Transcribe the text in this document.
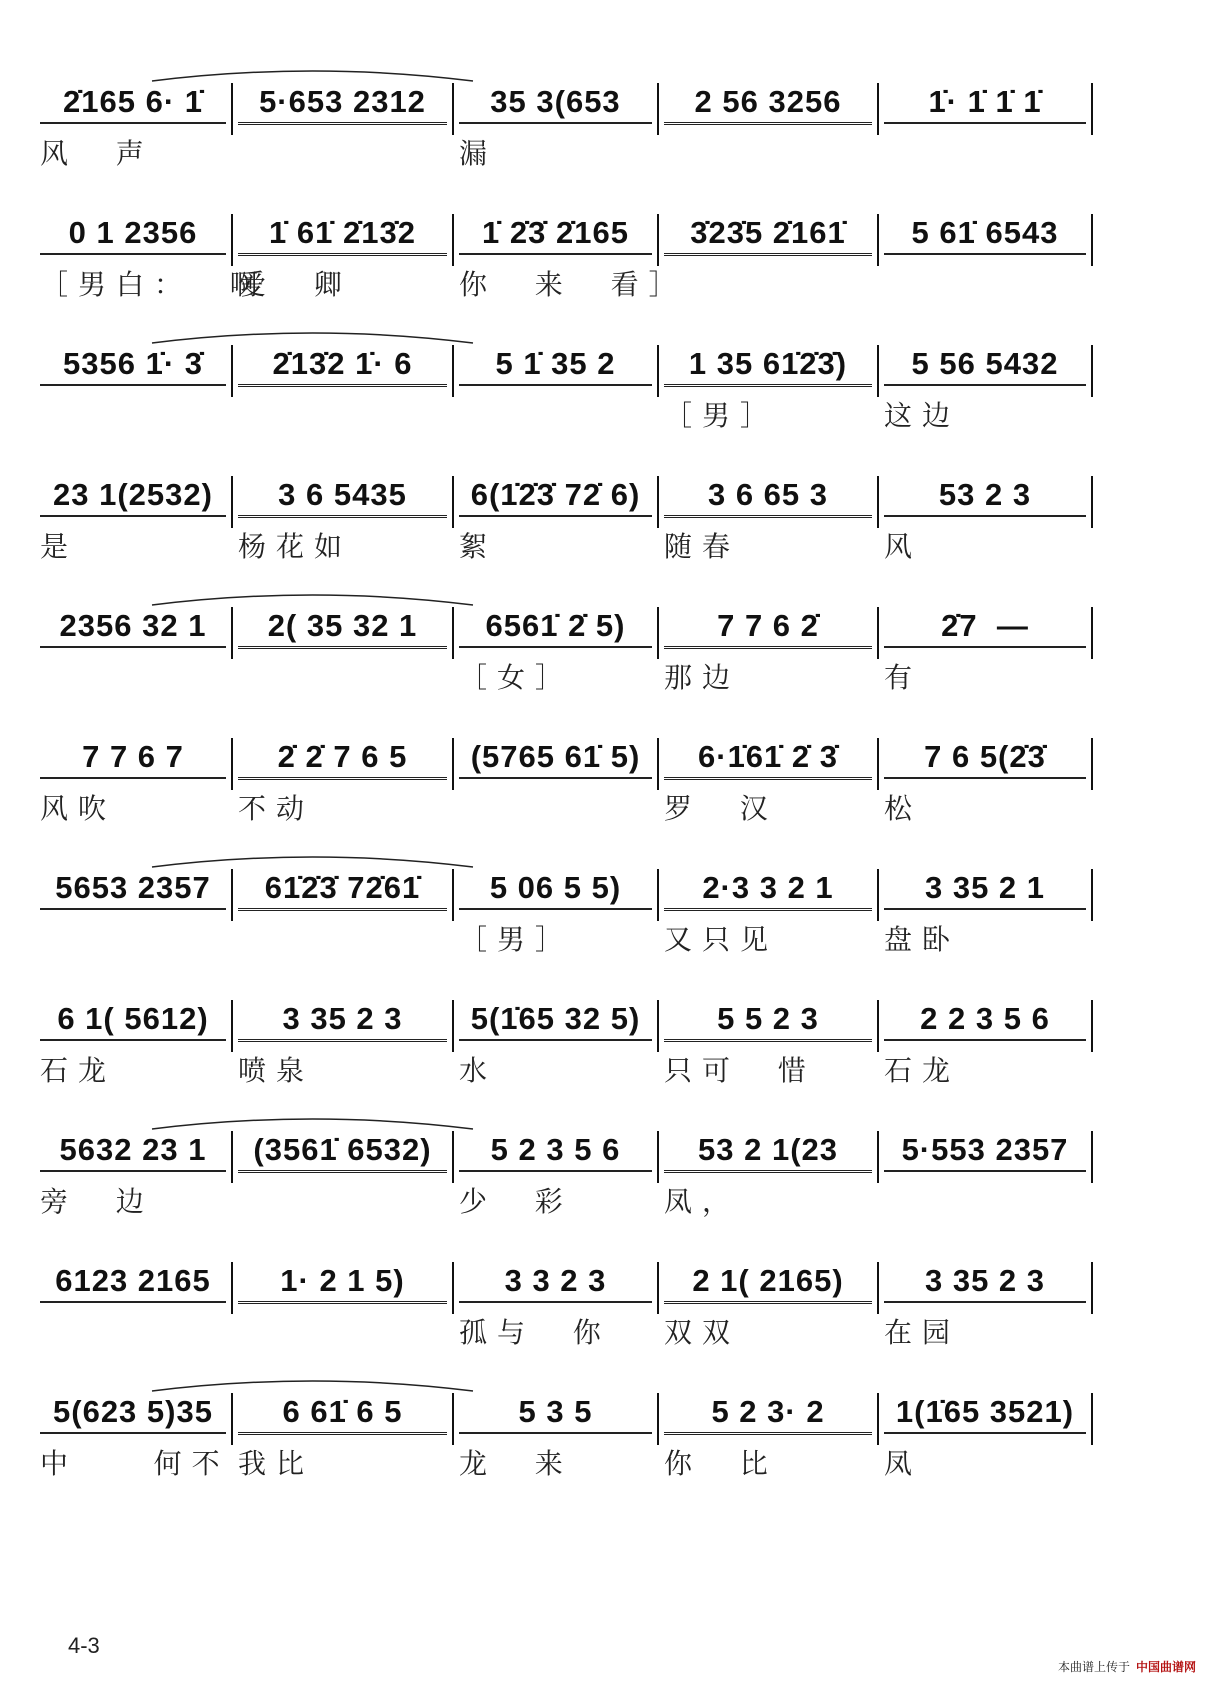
2̇165 6· 1̇
风  声
5·653 2312	35 3(653
漏
2 56 3256	1̇· 1̇ 1̇ 1̇
0 1 2356
［男白：  啊
1̇ 61̇ 2̇13̇2
爱  卿
1̇ 2̇3̇ 2̇165
你  来  看］
3̇23̇5 2̇161̇	5 61̇ 6543
5356 1̇· 3̇	2̇13̇2 1̇· 6	5 1̇ 35 2	1 35 61̇2̇3̇)
［男］
5 56 5432
这边
23 1(2532)
是
3 6 5435
杨花如
6(1̇2̇3̇ 72̇ 6)
絮
3 6 65 3
随春
53 2 3
风
2356 32 1	2( 35 32 1	6561̇ 2̇ 5)
［女］
7 7 6 2̇
那边
2̇7  —
有
7 7 6 7
风吹
2̇ 2̇ 7 6 5
不动
(5765 61̇ 5)	6·1̇61̇ 2̇ 3̇
罗  汉
7 6 5(2̇3̇
松
5653 2357	61̇2̇3̇ 72̇61̇	5 06 5 5)
［男］
2·3 3 2 1
又只见
3 35 2 1
盘卧
6 1( 5612)
石龙
3 35 2 3
喷泉
5(1̇65 32 5)
水
5 5 2 3
只可  惜
2 2 3 5 6
石龙
5632 23 1
旁  边
(3561̇ 6532)	5 2 3 5 6
少  彩
53 2 1(23
凤，
5·553 2357
6123 2165	1· 2 1 5)	3 3 2 3
孤与  你
2 1( 2165)
双双
3 35 2 3
在园
5(623 5)35
中    何不
6 61̇ 6 5
我比
5 3 5
龙  来
5 2 3· 2
你  比
1(1̇65 3521)
凤
4-3
本曲谱上传于 中国曲谱网
